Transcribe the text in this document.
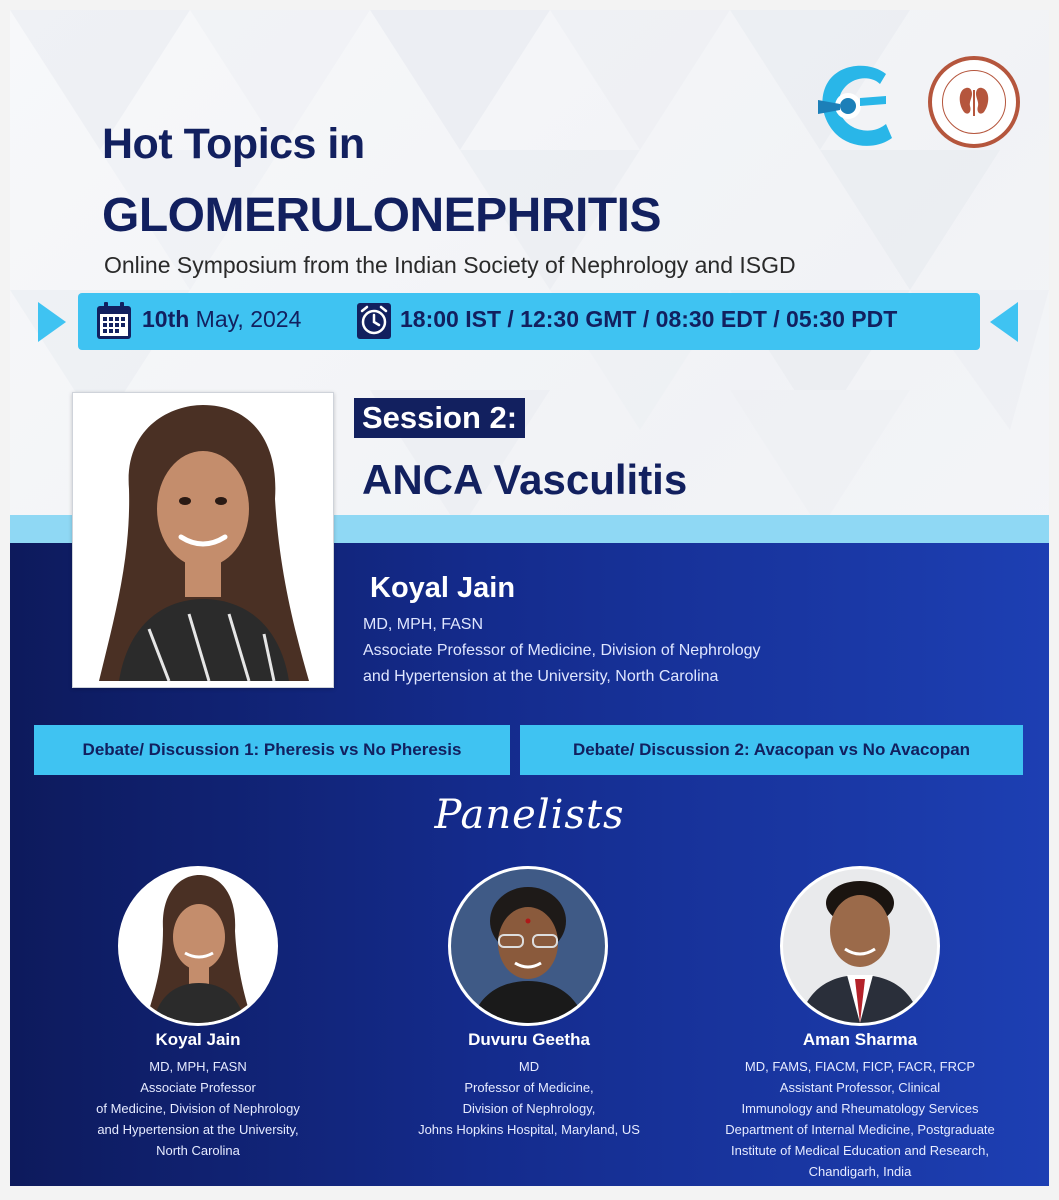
Hot Topics in
GLOMERULONEPHRITIS
Online Symposium from the Indian Society of Nephrology and ISGD
10th May, 2024	18:00 IST / 12:30 GMT / 08:30 EDT / 05:30 PDT
Session 2:
ANCA Vasculitis
Koyal Jain
MD, MPH, FASN
Associate Professor of Medicine, Division of Nephrology
and Hypertension at the University, North Carolina
Debate/ Discussion 1: Pheresis vs No Pheresis	Debate/ Discussion 2: Avacopan vs No Avacopan
Panelists
Koyal Jain
MD, MPH, FASN
Associate Professor
of Medicine, Division of Nephrology
and Hypertension at the University,
North Carolina
Duvuru Geetha
MD
Professor of Medicine,
Division of Nephrology,
Johns Hopkins Hospital, Maryland, US
Aman Sharma
MD, FAMS, FIACM, FICP, FACR, FRCP
Assistant Professor, Clinical
Immunology and Rheumatology Services
Department of Internal Medicine, Postgraduate
Institute of Medical Education and Research,
Chandigarh, India
